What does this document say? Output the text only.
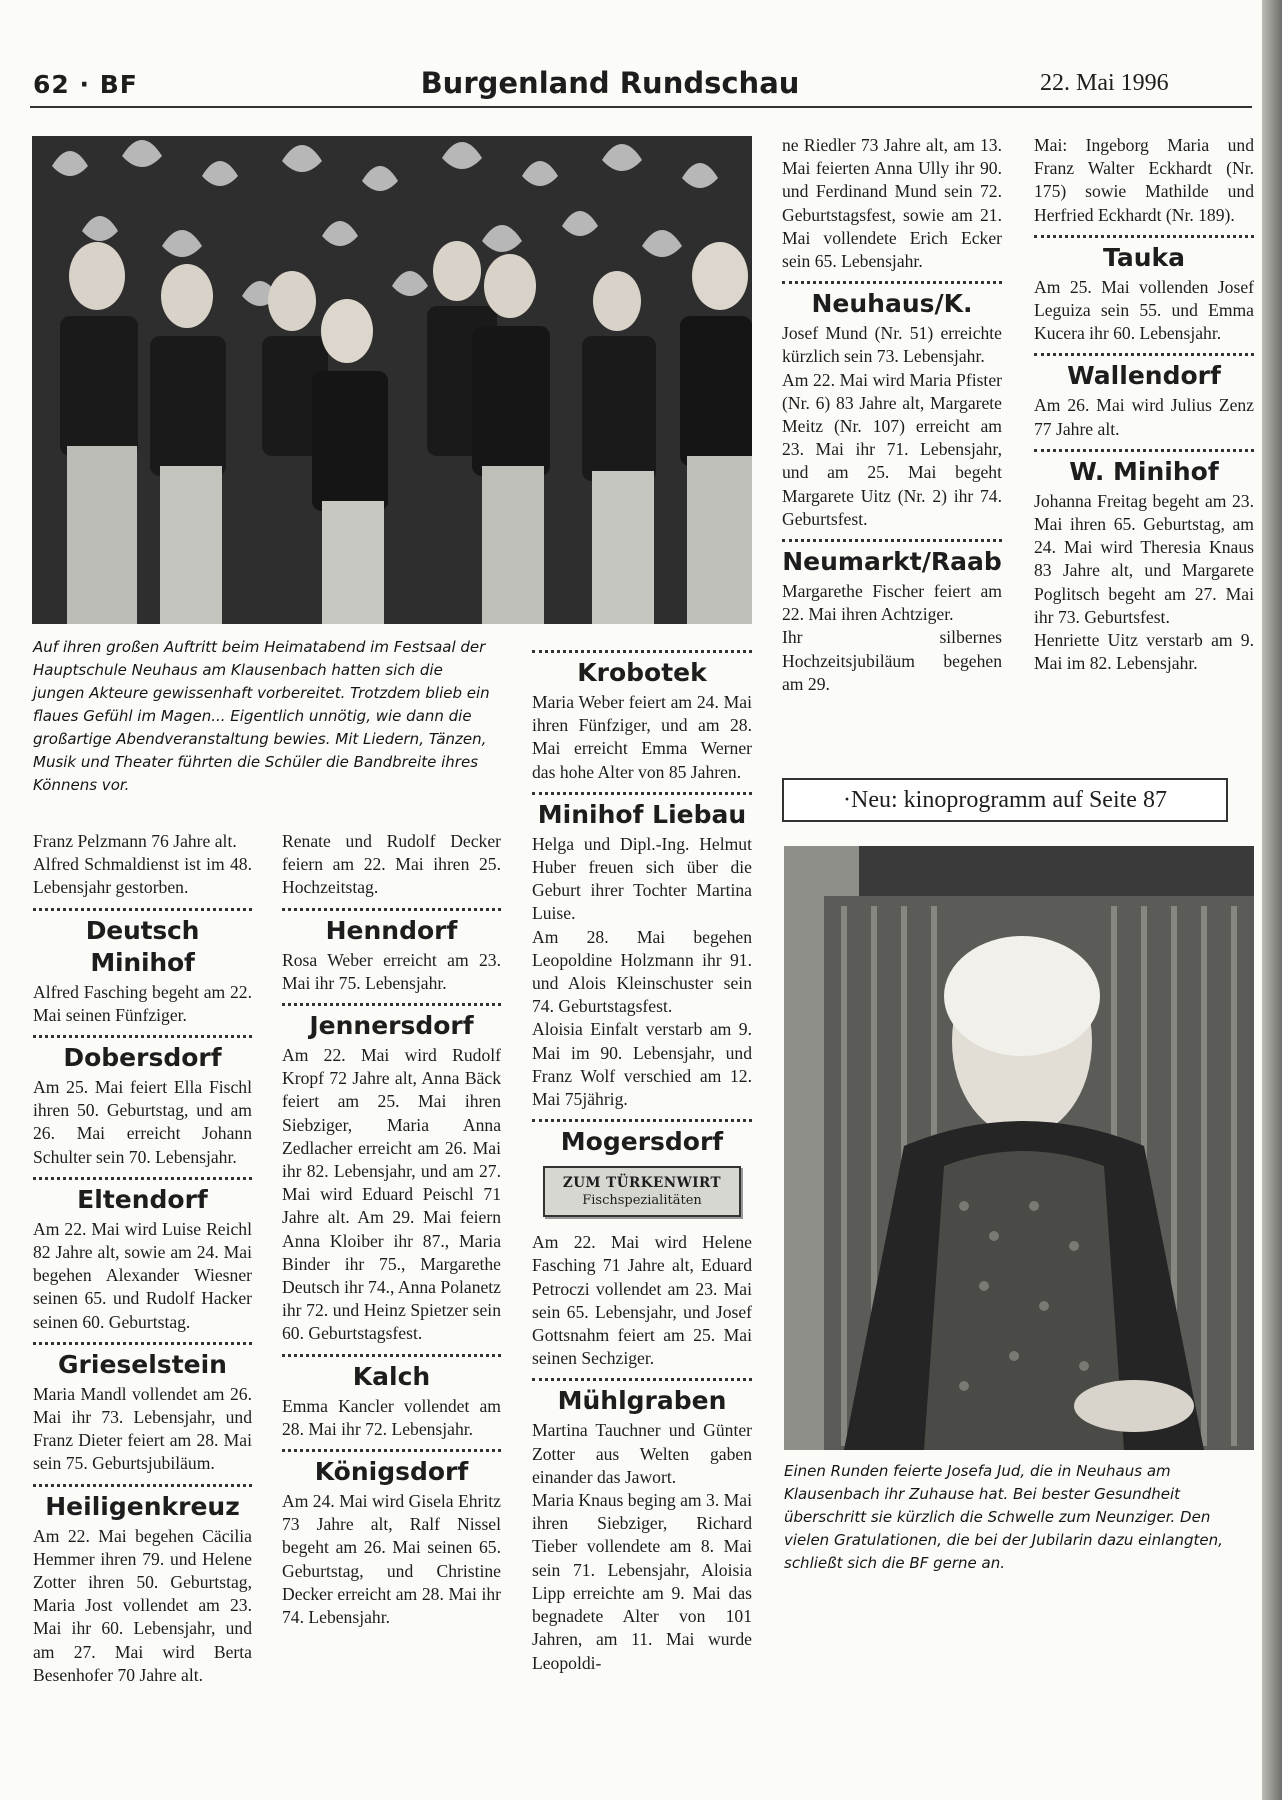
62 · BF	Burgenland Rundschau	22. Mai 1996
Auf ihren großen Auftritt beim Heimatabend im Festsaal der Hauptschule Neuhaus am Klausenbach hatten sich die jungen Akteure gewissenhaft vorbereitet. Trotzdem blieb ein flaues Gefühl im Magen... Eigentlich unnötig, wie dann die großartige Abendveranstaltung bewies. Mit Liedern, Tänzen, Musik und Theater führten die Schüler die Bandbreite ihres Könnens vor.

Franz Pelzmann 76 Jahre alt.

Alfred Schmaldienst ist im 48. Lebensjahr gestorben.

Deutsch Minihof

Alfred Fasching begeht am 22. Mai seinen Fünfziger.

Dobersdorf

Am 25. Mai feiert Ella Fischl ihren 50. Geburtstag, und am 26. Mai erreicht Johann Schulter sein 70. Lebensjahr.

Eltendorf

Am 22. Mai wird Luise Reichl 82 Jahre alt, sowie am 24. Mai begehen Alexander Wiesner seinen 65. und Rudolf Hacker seinen 60. Geburtstag.

Grieselstein

Maria Mandl vollendet am 26. Mai ihr 73. Lebensjahr, und Franz Dieter feiert am 28. Mai sein 75. Geburtsjubiläum.

Heiligenkreuz

Am 22. Mai begehen Cäcilia Hemmer ihren 79. und Helene Zotter ihren 50. Geburtstag, Maria Jost vollendet am 23. Mai ihr 60. Lebensjahr, und am 27. Mai wird Berta Besenhofer 70 Jahre alt.

Renate und Rudolf Decker feiern am 22. Mai ihren 25. Hochzeitstag.

Henndorf

Rosa Weber erreicht am 23. Mai ihr 75. Lebensjahr.

Jennersdorf

Am 22. Mai wird Rudolf Kropf 72 Jahre alt, Anna Bäck feiert am 25. Mai ihren Siebziger, Maria Anna Zedlacher erreicht am 26. Mai ihr 82. Lebensjahr, und am 27. Mai wird Eduard Peischl 71 Jahre alt. Am 29. Mai feiern Anna Kloiber ihr 87., Maria Binder ihr 75., Margarethe Deutsch ihr 74., Anna Polanetz ihr 72. und Heinz Spietzer sein 60. Geburtstagsfest.

Kalch

Emma Kancler vollendet am 28. Mai ihr 72. Lebensjahr.

Königsdorf

Am 24. Mai wird Gisela Ehritz 73 Jahre alt, Ralf Nissel begeht am 26. Mai seinen 65. Geburtstag, und Christine Decker erreicht am 28. Mai ihr 74. Lebensjahr.

Krobotek

Maria Weber feiert am 24. Mai ihren Fünfziger, und am 28. Mai erreicht Emma Werner das hohe Alter von 85 Jahren.

Minihof Liebau

Helga und Dipl.-Ing. Helmut Huber freuen sich über die Geburt ihrer Tochter Martina Luise.

Am 28. Mai begehen Leopoldine Holzmann ihr 91. und Alois Kleinschuster sein 74. Geburtstagsfest.

Aloisia Einfalt verstarb am 9. Mai im 90. Lebensjahr, und Franz Wolf verschied am 12. Mai 75jährig.

Mogersdorf
ZUM TÜRKENWIRT
Fischspezialitäten

Am 22. Mai wird Helene Fasching 71 Jahre alt, Eduard Petroczi vollendet am 23. Mai sein 65. Lebensjahr, und Josef Gottsnahm feiert am 25. Mai seinen Sechziger.

Mühlgraben

Martina Tauchner und Günter Zotter aus Welten gaben einander das Jawort.

Maria Knaus beging am 3. Mai ihren Siebziger, Richard Tieber vollendete am 8. Mai sein 71. Lebensjahr, Aloisia Lipp erreichte am 9. Mai das begnadete Alter von 101 Jahren, am 11. Mai wurde Leopoldi-

ne Riedler 73 Jahre alt, am 13. Mai feierten Anna Ully ihr 90. und Ferdinand Mund sein 72. Geburtstagsfest, sowie am 21. Mai vollendete Erich Ecker sein 65. Lebensjahr.

Neuhaus/K.

Josef Mund (Nr. 51) erreichte kürzlich sein 73. Lebensjahr.

Am 22. Mai wird Maria Pfister (Nr. 6) 83 Jahre alt, Margarete Meitz (Nr. 107) erreicht am 23. Mai ihr 71. Lebensjahr, und am 25. Mai begeht Margarete Uitz (Nr. 2) ihr 74. Geburtsfest.

Neumarkt/Raab

Margarethe Fischer feiert am 22. Mai ihren Achtziger.

Ihr silbernes Hochzeitsjubiläum begehen am 29.

Mai: Ingeborg Maria und Franz Walter Eckhardt (Nr. 175) sowie Mathilde und Herfried Eckhardt (Nr. 189).

Tauka

Am 25. Mai vollenden Josef Leguiza sein 55. und Emma Kucera ihr 60. Lebensjahr.

Wallendorf

Am 26. Mai wird Julius Zenz 77 Jahre alt.

W. Minihof

Johanna Freitag begeht am 23. Mai ihren 65. Geburtstag, am 24. Mai wird Theresia Knaus 83 Jahre alt, und Margarete Poglitsch begeht am 27. Mai ihr 73. Geburtsfest.

Henriette Uitz verstarb am 9. Mai im 82. Lebensjahr.

·Neu: kinoprogramm auf Seite 87
Einen Runden feierte Josefa Jud, die in Neuhaus am Klausenbach ihr Zuhause hat. Bei bester Gesundheit überschritt sie kürzlich die Schwelle zum Neunziger. Den vielen Gratulationen, die bei der Jubilarin dazu einlangten, schließt sich die BF gerne an.
